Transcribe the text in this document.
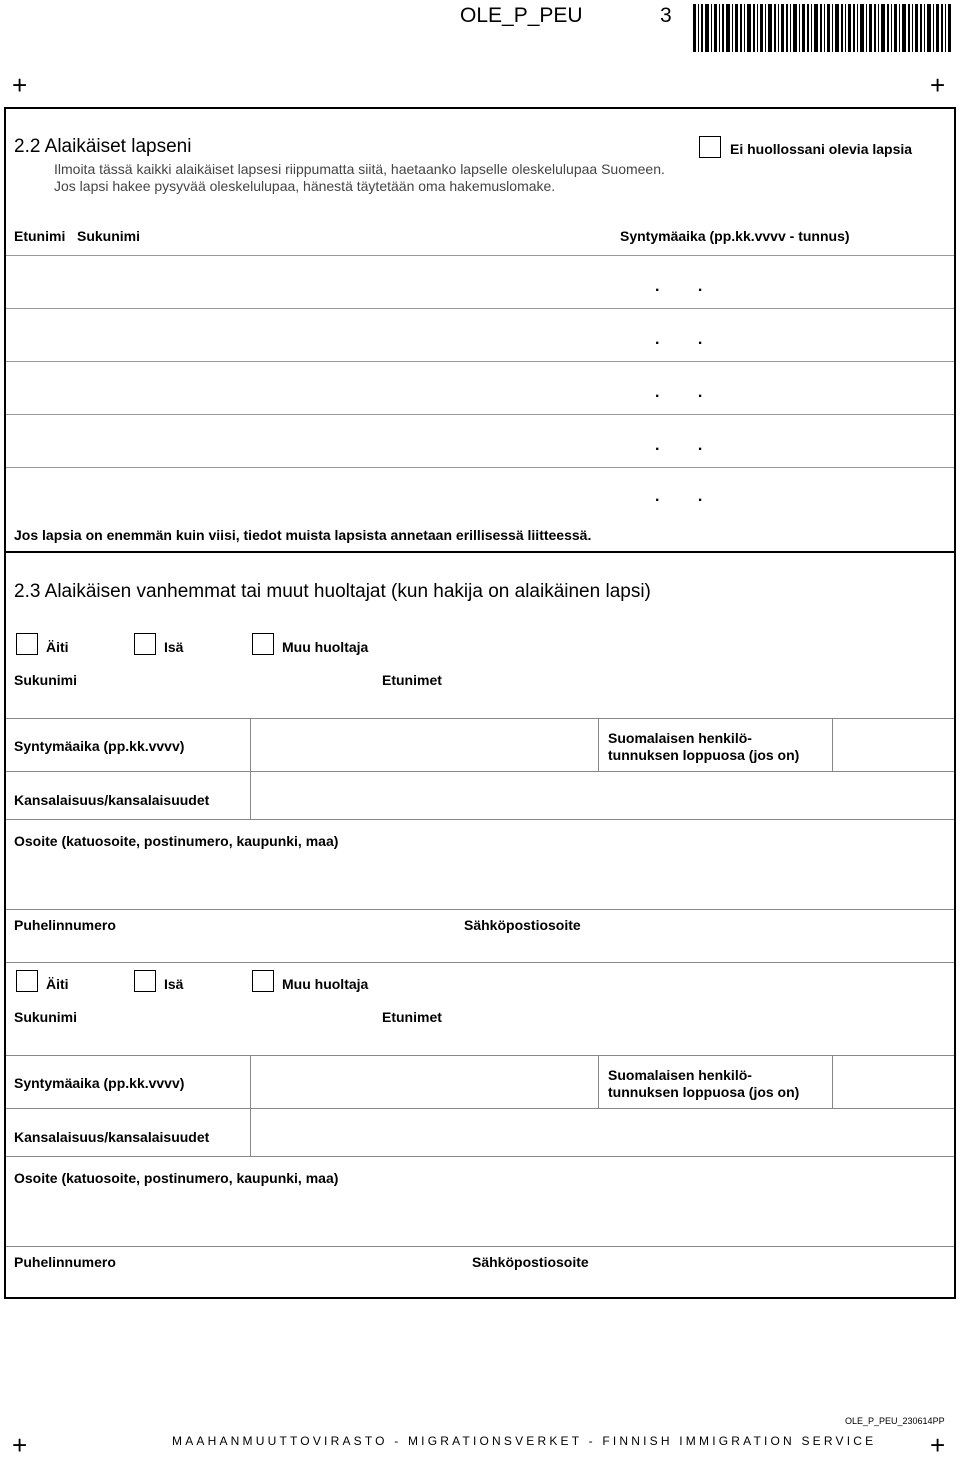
OLE_P_PEU	3
+	+
2.2 Alaikäiset lapseni
Ilmoita tässä kaikki alaikäiset lapsesi riippumatta siitä, haetaanko lapselle oleskelulupaa Suomeen.
Jos lapsi hakee pysyvää oleskelulupaa, hänestä täytetään oma hakemuslomake.
Ei huollossani olevia lapsia
Etunimi   Sukunimi	Syntymäaika (pp.kk.vvvv - tunnus)
. .
. .
. .
. .
. .
Jos lapsia on enemmän kuin viisi, tiedot muista lapsista annetaan erillisessä liitteessä.
2.3 Alaikäisen vanhemmat tai muut huoltajat (kun hakija on alaikäinen lapsi)
Äiti	Isä	Muu huoltaja
Sukunimi	Etunimet
Syntymäaika (pp.kk.vvvv)	Suomalaisen henkilö-
tunnuksen loppuosa (jos on)
Kansalaisuus/kansalaisuudet
Osoite (katuosoite, postinumero, kaupunki, maa)
Puhelinnumero	Sähköpostiosoite
Äiti	Isä	Muu huoltaja
Sukunimi	Etunimet
Syntymäaika (pp.kk.vvvv)	Suomalaisen henkilö-
tunnuksen loppuosa (jos on)
Kansalaisuus/kansalaisuudet
Osoite (katuosoite, postinumero, kaupunki, maa)
Puhelinnumero	Sähköpostiosoite
OLE_P_PEU_230614PP
+	MAAHANMUUTTOVIRASTO - MIGRATIONSVERKET - FINNISH IMMIGRATION SERVICE +
